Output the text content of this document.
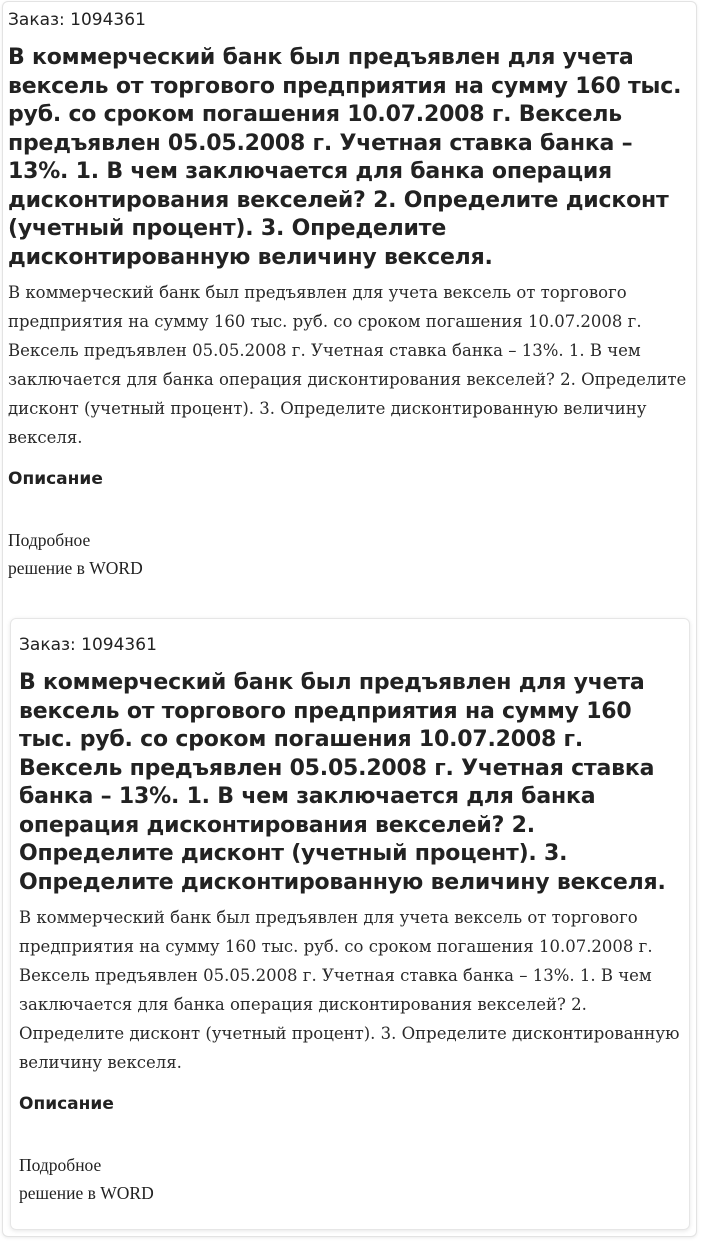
Заказ: 1094361
В коммерческий банк был предъявлен для учета вексель от торгового предприятия на сумму 160 тыс. руб. со сроком погашения 10.07.2008 г. Вексель предъявлен 05.05.2008 г. Учетная ставка банка – 13%. 1. В чем заключается для банка операция дисконтирования векселей? 2. Определите дисконт (учетный процент). 3. Определите дисконтированную величину векселя.
В коммерческий банк был предъявлен для учета вексель от торгового предприятия на сумму 160 тыс. руб. со сроком погашения 10.07.2008 г. Вексель предъявлен 05.05.2008 г. Учетная ставка банка – 13%. 1. В чем заключается для банка операция дисконтирования векселей? 2. Определите дисконт (учетный процент). 3. Определите дисконтированную величину векселя.
Описание
Подробное
решение в WORD
Заказ: 1094361
В коммерческий банк был предъявлен для учета вексель от торгового предприятия на сумму 160 тыс. руб. со сроком погашения 10.07.2008 г. Вексель предъявлен 05.05.2008 г. Учетная ставка банка – 13%. 1. В чем заключается для банка операция дисконтирования векселей? 2. Определите дисконт (учетный процент). 3. Определите дисконтированную величину векселя.
В коммерческий банк был предъявлен для учета вексель от торгового предприятия на сумму 160 тыс. руб. со сроком погашения 10.07.2008 г. Вексель предъявлен 05.05.2008 г. Учетная ставка банка – 13%. 1. В чем заключается для банка операция дисконтирования векселей? 2. Определите дисконт (учетный процент). 3. Определите дисконтированную величину векселя.
Описание
Подробное
решение в WORD
